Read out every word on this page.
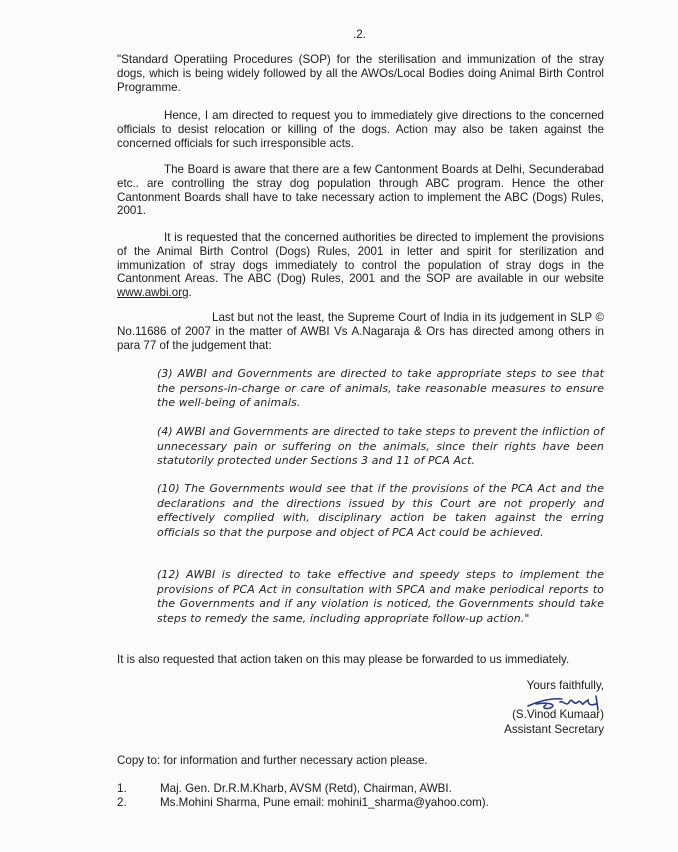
.2.

"Standard Operatiing Procedures (SOP) for the sterilisation and immunization of the stray dogs, which is being widely followed by all the AWOs/Local Bodies doing Animal Birth Control Programme.

Hence, I am directed to request you to immediately give directions to the concerned officials to desist relocation or killing of the dogs. Action may also be taken against the concerned officials for such irresponsible acts.

The Board is aware that there are a few Cantonment Boards at Delhi, Secunderabad etc.. are controlling the stray dog population through ABC program. Hence the other Cantonment Boards shall have to take necessary action to implement the ABC (Dogs) Rules, 2001.

It is requested that the concerned authorities be directed to implement the provisions of the Animal Birth Control (Dogs) Rules, 2001 in letter and spirit for sterilization and immunization of stray dogs immediately to control the population of stray dogs in the Cantonment Areas. The ABC (Dog) Rules, 2001 and the SOP are available in our website www.awbi.org.

Last but not the least, the Supreme Court of India in its judgement in SLP © No.11686 of 2007 in the matter of AWBI Vs A.Nagaraja & Ors has directed among others in para 77 of the judgement that:

(3) AWBI and Governments are directed to take appropriate steps to see that the persons-in-charge or care of animals, take reasonable measures to ensure the well-being of animals.

(4) AWBI and Governments are directed to take steps to prevent the infliction of unnecessary pain or suffering on the animals, since their rights have been statutorily protected under Sections 3 and 11 of PCA Act.

(10) The Governments would see that if the provisions of the PCA Act and the declarations and the directions issued by this Court are not properly and effectively complied with, disciplinary action be taken against the erring officials so that the purpose and object of PCA Act could be achieved.

(12) AWBI is directed to take effective and speedy steps to implement the provisions of PCA Act in consultation with SPCA and make periodical reports to the Governments and if any violation is noticed, the Governments should take steps to remedy the same, including appropriate follow-up action."

It is also requested that action taken on this may please be forwarded to us immediately.
Yours faithfully,
(S.Vinod Kumaar)
Assistant Secretary
Copy to: for information and further necessary action please.
1.	Maj. Gen. Dr.R.M.Kharb, AVSM (Retd), Chairman, AWBI.
2.	Ms.Mohini Sharma, Pune email: mohini1_sharma@yahoo.com).
